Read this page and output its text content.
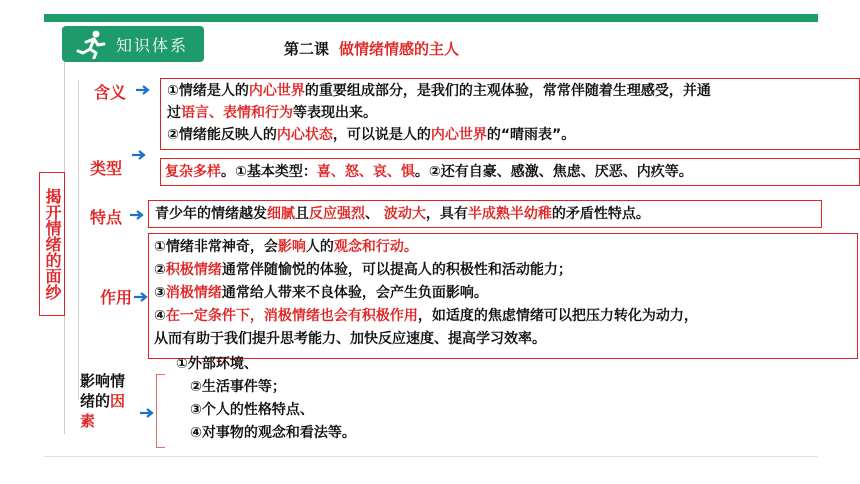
知识体系	第二课 做情绪情感的主人
揭开情绪的面纱
含义	①情绪是人的内心世界的重要组成部分，是我们的主观体验，常常伴随着生理感受，并通
过语言、表情和行为等表现出来。
②情绪能反映人的内心状态，可以说是人的内心世界的“晴雨表”。
类型	复杂多样。①基本类型：喜、怒、哀、惧。②还有自豪、感激、焦虑、厌恶、内疚等。
特点 青少年的情绪越发细腻且反应强烈、 波动大，具有半成熟半幼稚的矛盾性特点。
作用
①情绪非常神奇，会影响人的观念和行动。
②积极情绪通常伴随愉悦的体验，可以提高人的积极性和活动能力；
③消极情绪通常给人带来不良体验，会产生负面影响。
④在一定条件下，消极情绪也会有积极作用，如适度的焦虑情绪可以把压力转化为动力，
从而有助于我们提升思考能力、加快反应速度、提高学习效率。
影响情
绪的因
素
①外部环境、
②生活事件等；
③个人的性格特点、
④对事物的观念和看法等。
